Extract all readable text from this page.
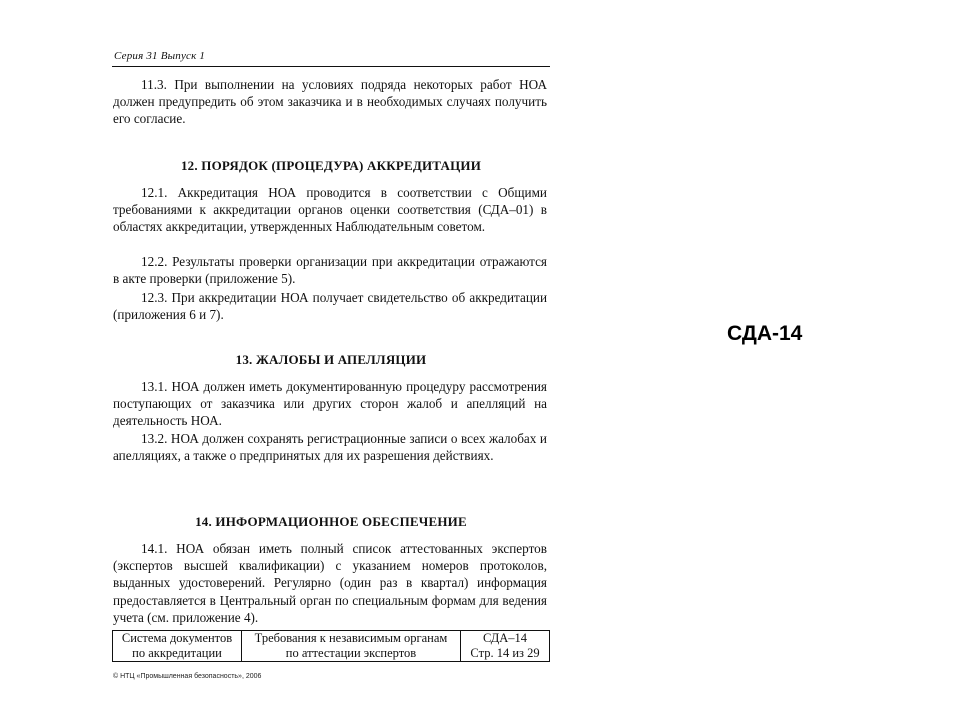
Серия 31 Выпуск 1

11.3. При выполнении на условиях подряда некоторых работ НОА должен предупредить об этом заказчика и в необходимых случаях получить его согласие.

12. ПОРЯДОК (ПРОЦЕДУРА) АККРЕДИТАЦИИ

12.1. Аккредитация НОА проводится в соответствии с Общими требованиями к аккредитации органов оценки соответствия (СДА–01) в областях аккредитации, утвержденных Наблюдательным советом.

12.2. Результаты проверки организации при аккредитации отражаются в акте проверки (приложение 5).

12.3. При аккредитации НОА получает свидетельство об аккредитации (приложения 6 и 7).

13. ЖАЛОБЫ И АПЕЛЛЯЦИИ

13.1. НОА должен иметь документированную процедуру рассмотрения поступающих от заказчика или других сторон жалоб и апелляций на деятельность НОА.

13.2. НОА должен сохранять регистрационные записи о всех жалобах и апелляциях, а также о предпринятых для их разрешения действиях.

14. ИНФОРМАЦИОННОЕ ОБЕСПЕЧЕНИЕ

14.1. НОА обязан иметь полный список аттестованных экспертов (экспертов высшей квалификации) с указанием номеров протоколов, выданных удостоверений. Регулярно (один раз в квартал) информация предоставляется в Центральный орган по специальным формам для ведения учета (см. приложение 4).

Система документов
по аккредитации

Требования к независимым органам
по аттестации экспертов

СДА–14
Стр. 14 из 29
© НТЦ «Промышленная безопасность», 2006
СДА-14
